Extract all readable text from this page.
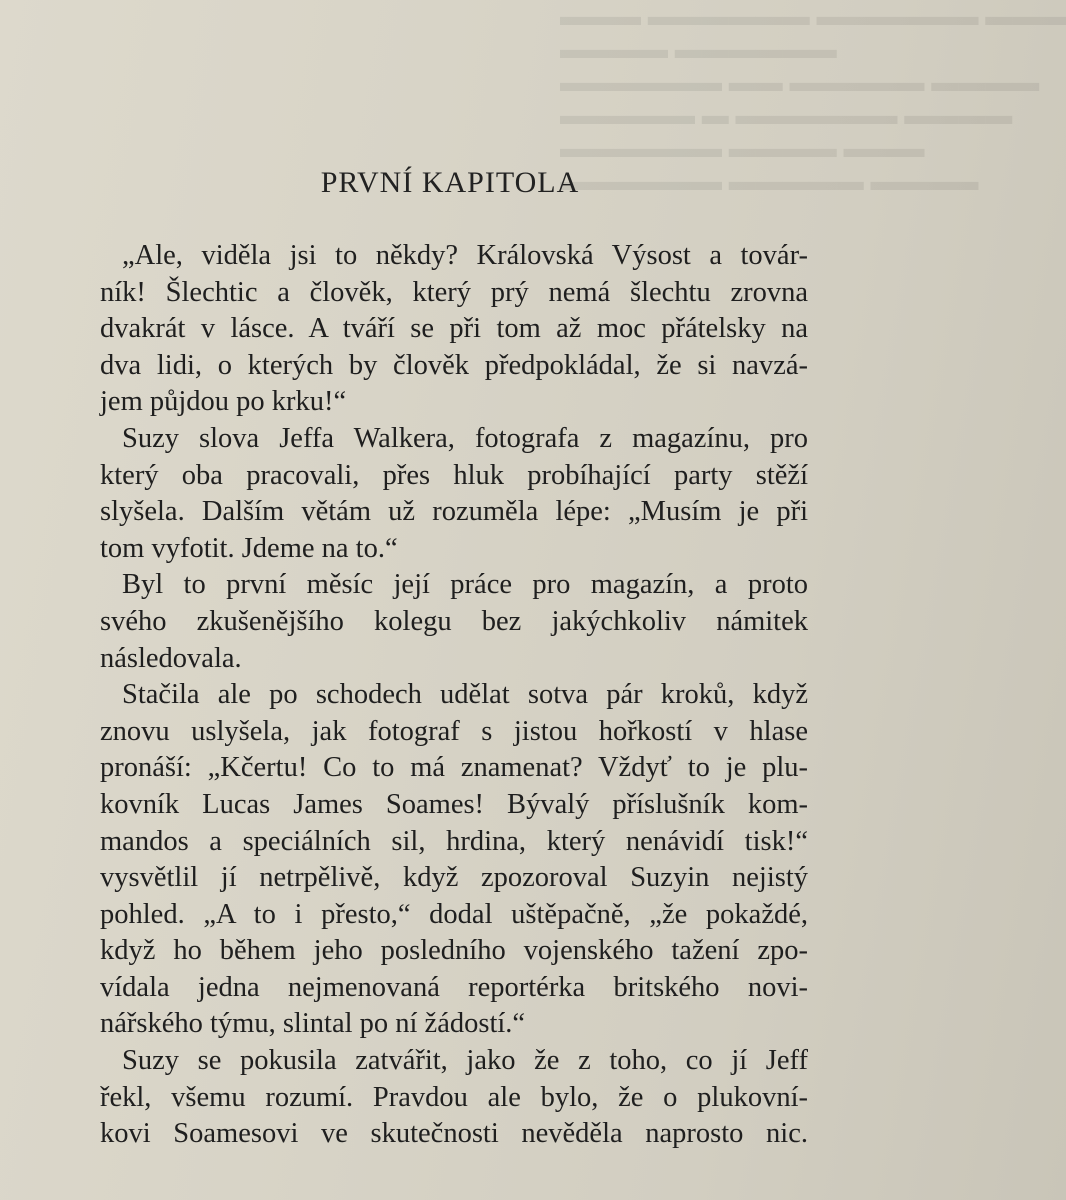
▬▬▬ ▬▬▬▬▬▬ ▬▬▬▬▬▬ ▬▬▬
▬▬▬▬ ▬▬▬▬▬▬
▬▬▬▬▬▬ ▬▬ ▬▬▬▬▬ ▬▬▬▬
▬▬▬▬▬ ▬ ▬▬▬▬▬▬ ▬▬▬▬
▬▬▬▬▬▬ ▬▬▬▬ ▬▬▬
▬▬▬▬▬▬ ▬▬▬▬▬ ▬▬▬▬
PRVNÍ KAPITOLA
„Ale, viděla jsi to někdy? Královská Výsost a továr-
ník! Šlechtic a člověk, který prý nemá šlechtu zrovna
dvakrát v lásce. A tváří se při tom až moc přátelsky na
dva lidi, o kterých by člověk předpokládal, že si navzá-
jem půjdou po krku!“
Suzy slova Jeffa Walkera, fotografa z magazínu, pro
který oba pracovali, přes hluk probíhající party stěží
slyšela. Dalším větám už rozuměla lépe: „Musím je při
tom vyfotit. Jdeme na to.“
Byl to první měsíc její práce pro magazín, a proto
svého zkušenějšího kolegu bez jakýchkoliv námitek
následovala.
Stačila ale po schodech udělat sotva pár kroků, když
znovu uslyšela, jak fotograf s jistou hořkostí v hlase
pronáší: „Kčertu! Co to má znamenat? Vždyť to je plu-
kovník Lucas James Soames! Bývalý příslušník kom-
mandos a speciálních sil, hrdina, který nenávidí tisk!“
vysvětlil jí netrpělivě, když zpozoroval Suzyin nejistý
pohled. „A to i přesto,“ dodal uštěpačně, „že pokaždé,
když ho během jeho posledního vojenského tažení zpo-
vídala jedna nejmenovaná reportérka britského novi-
nářského týmu, slintal po ní žádostí.“
Suzy se pokusila zatvářit, jako že z toho, co jí Jeff
řekl, všemu rozumí. Pravdou ale bylo, že o plukovní-
kovi Soamesovi ve skutečnosti nevěděla naprosto nic.
